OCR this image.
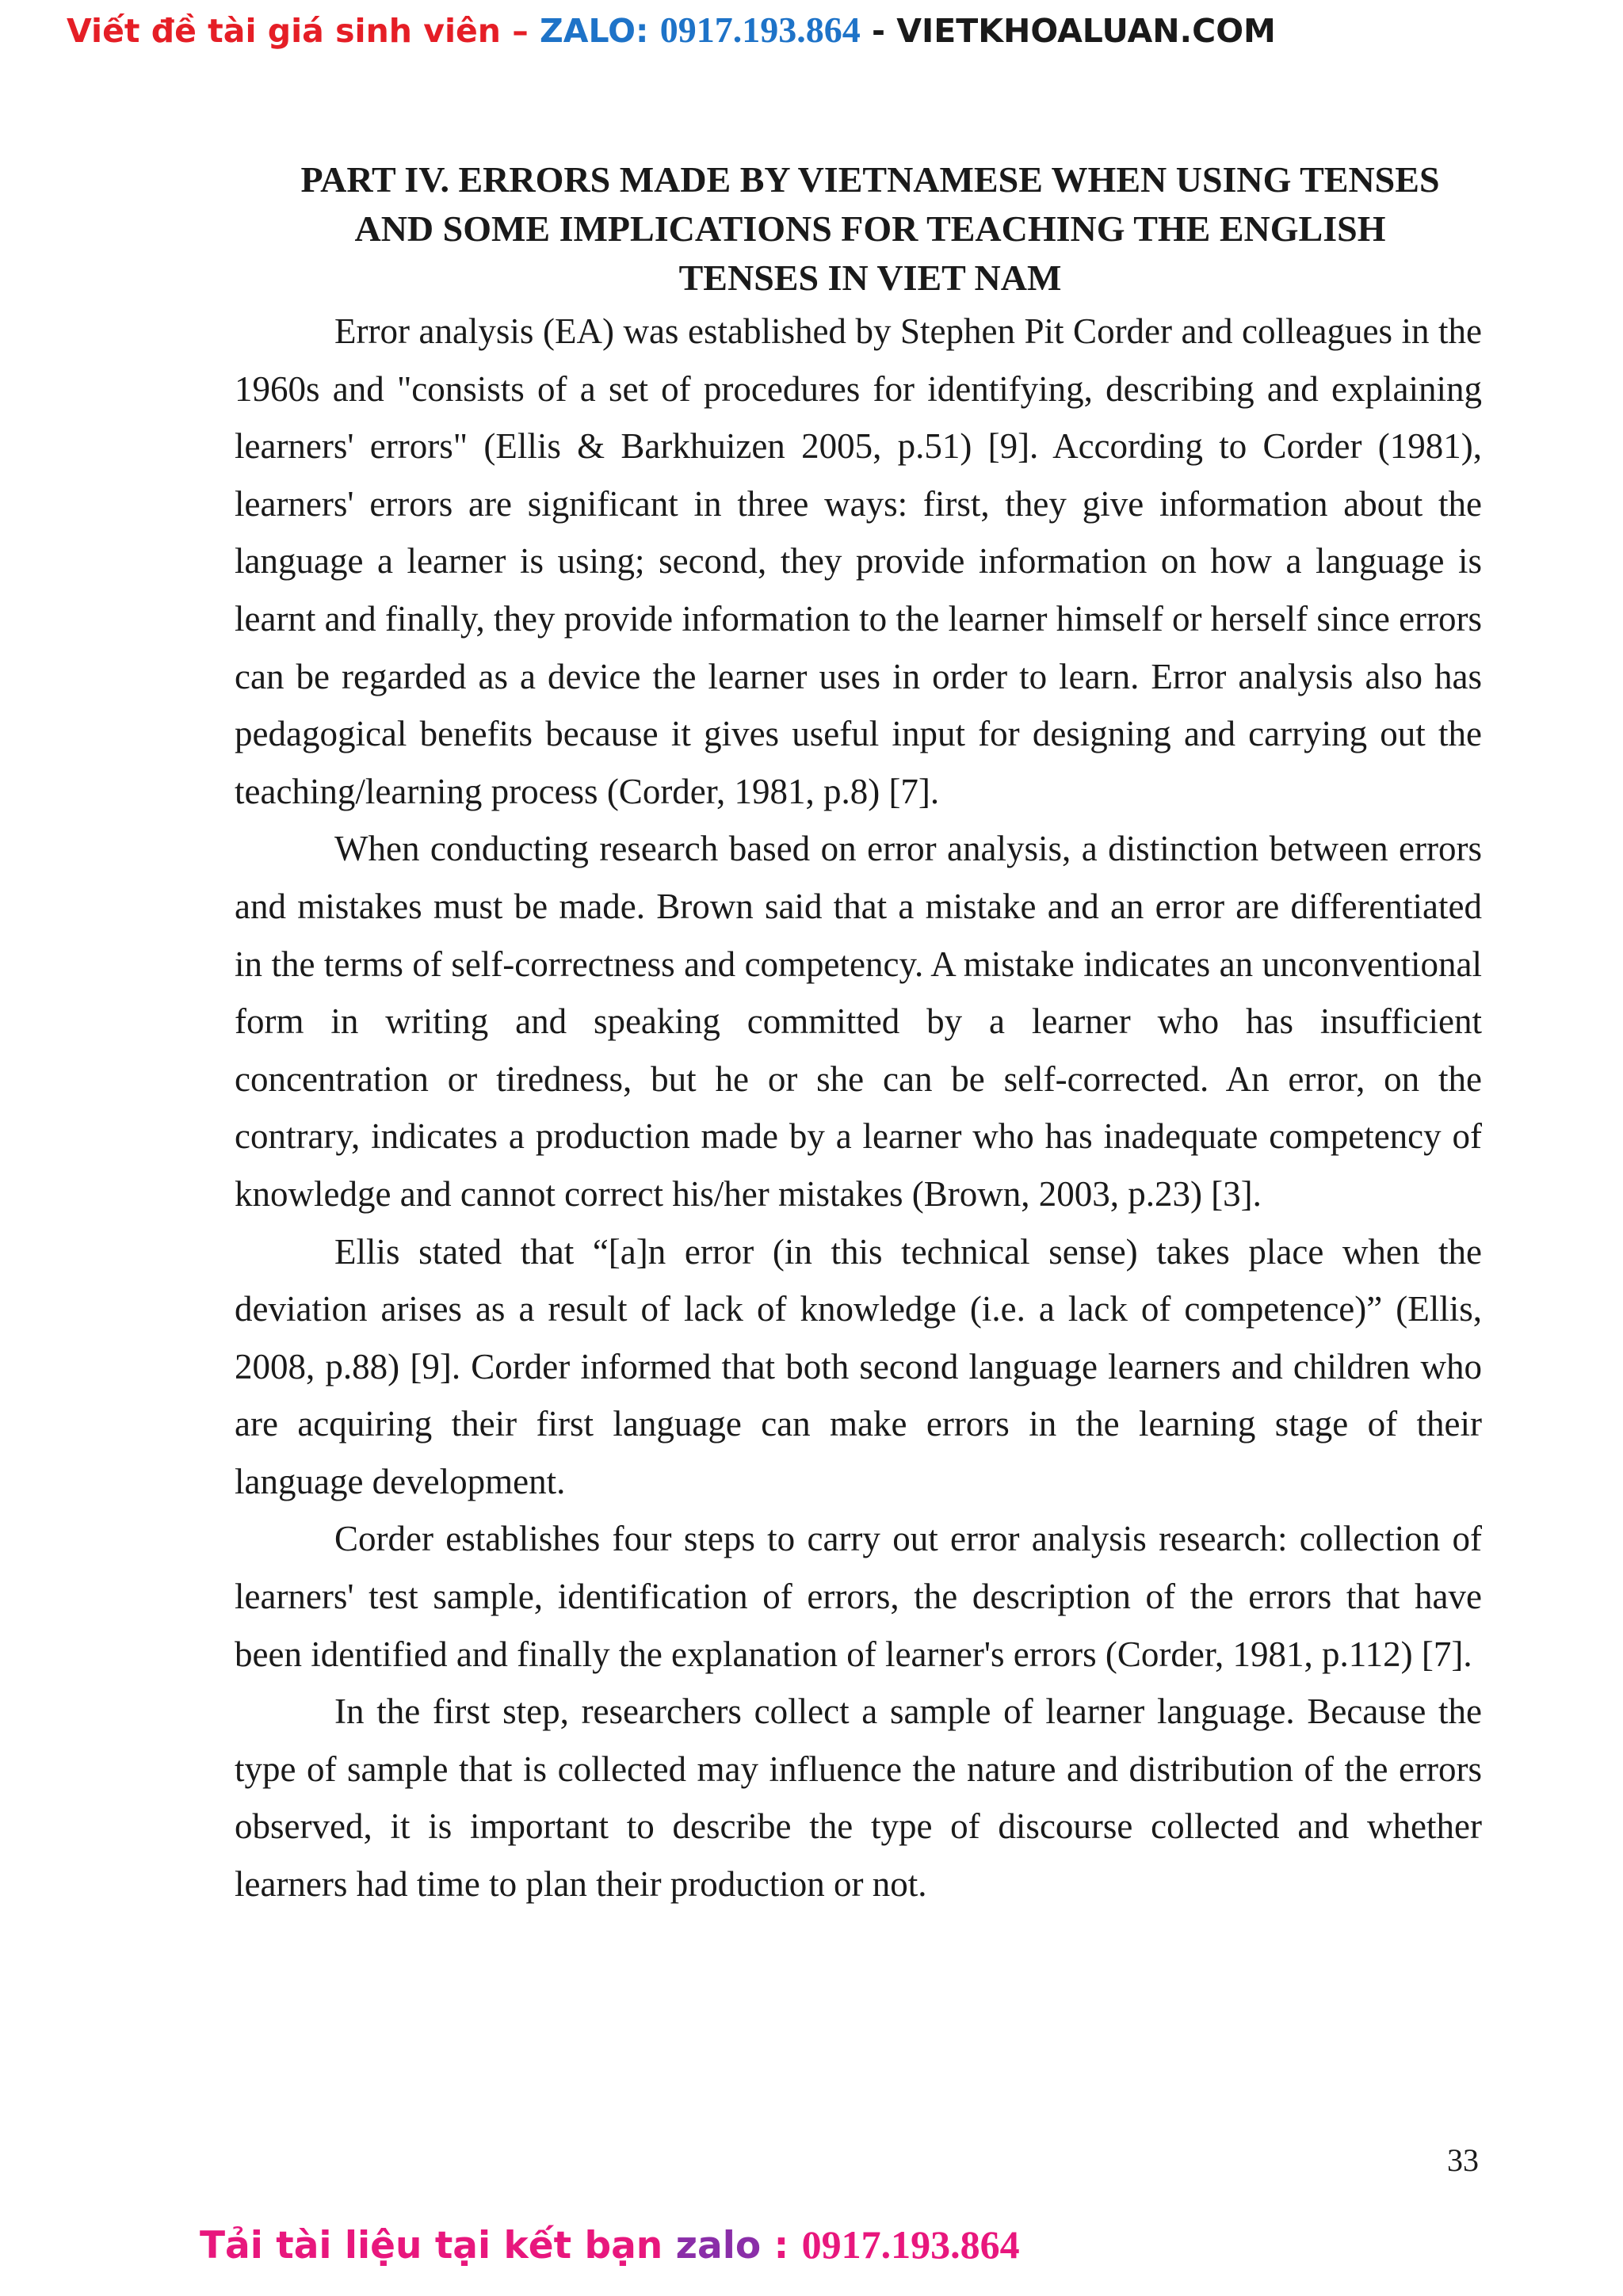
Viết đề tài giá sinh viên – ZALO: 0917.193.864 - VIETKHOALUAN.COM
PART IV. ERRORS MADE BY VIETNAMESE WHEN USING TENSES
AND SOME IMPLICATIONS FOR TEACHING THE ENGLISH
TENSES IN VIET NAM

Error analysis (EA) was established by Stephen Pit Corder and colleagues in the 1960s and "consists of a set of procedures for identifying, describing and explaining learners' errors" (Ellis & Barkhuizen 2005, p.51) [9]. According to Corder (1981), learners' errors are significant in three ways: first, they give information about the language a learner is using; second, they provide information on how a language is learnt and finally, they provide information to the learner himself or herself since errors can be regarded as a device the learner uses in order to learn. Error analysis also has pedagogical benefits because it gives useful input for designing and carrying out the teaching/learning process (Corder, 1981, p.8) [7].

When conducting research based on error analysis, a distinction between errors and mistakes must be made. Brown said that a mistake and an error are differentiated in the terms of self-correctness and competency. A mistake indicates an unconventional form in writing and speaking committed by a learner who has insufficient concentration or tiredness, but he or she can be self-corrected. An error, on the contrary, indicates a production made by a learner who has inadequate competency of knowledge and cannot correct his/her mistakes (Brown, 2003, p.23) [3].

Ellis stated that “[a]n error (in this technical sense) takes place when the deviation arises as a result of lack of knowledge (i.e. a lack of competence)” (Ellis, 2008, p.88) [9]. Corder informed that both second language learners and children who are acquiring their first language can make errors in the learning stage of their language development.

Corder establishes four steps to carry out error analysis research: collection of learners' test sample, identification of errors, the description of the errors that have been identified and finally the explanation of learner's errors (Corder, 1981, p.112) [7].

In the first step, researchers collect a sample of learner language. Because the type of sample that is collected may influence the nature and distribution of the errors observed, it is important to describe the type of discourse collected and whether learners had time to plan their production or not.

33
Tải tài liệu tại kết bạn zalo : 0917.193.864
